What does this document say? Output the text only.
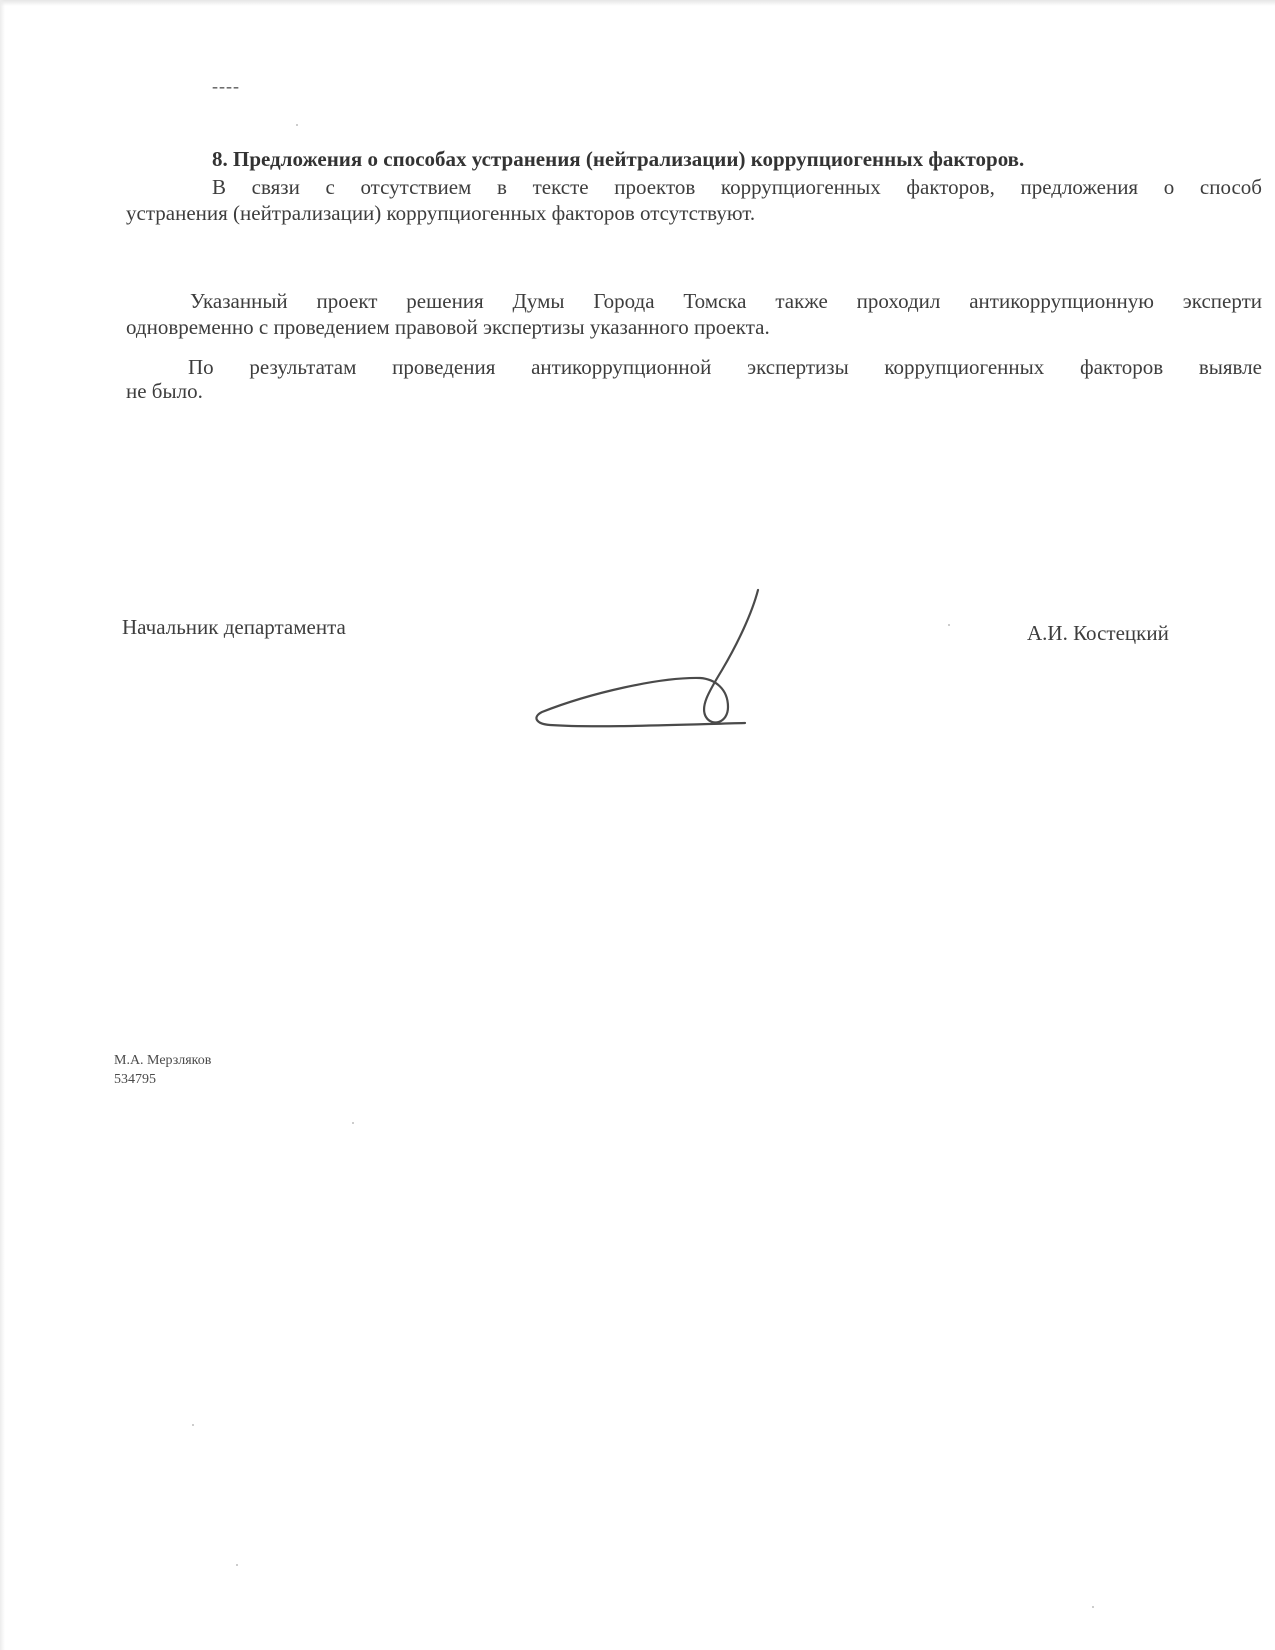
----
8. Предложения о способах устранения (нейтрализации) коррупциогенных факторов.
В связи с отсутствием в тексте проектов коррупциогенных факторов, предложения о способ
устранения (нейтрализации) коррупциогенных факторов отсутствуют.
Указанный проект решения Думы Города Томска также проходил антикоррупционную эксперти
одновременно с проведением правовой экспертизы указанного проекта.
По результатам проведения антикоррупционной экспертизы коррупциогенных факторов выявле
не было.
Начальник департамента	А.И. Костецкий
М.А. Мерзляков
534795
